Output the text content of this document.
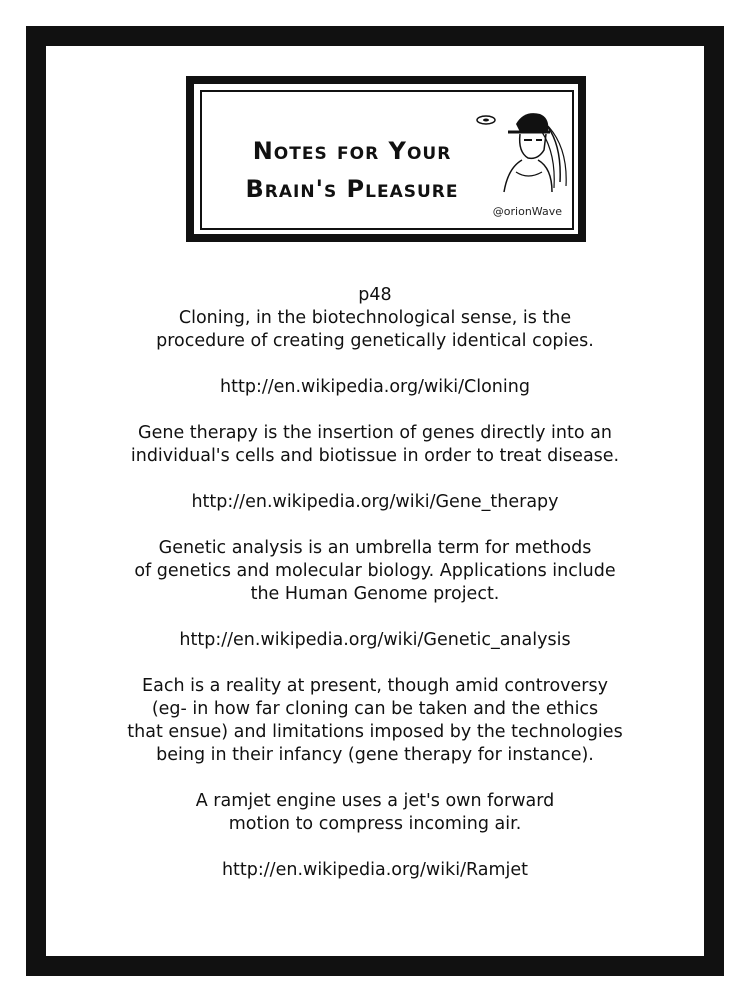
Notes for Your
Brain's Pleasure
@orionWave

p48

Cloning, in the biotechnological sense, is the
procedure of creating genetically identical copies.

http://en.wikipedia.org/wiki/Cloning

Gene therapy is the insertion of genes directly into an
individual's cells and biotissue in order to treat disease.

http://en.wikipedia.org/wiki/Gene_therapy

Genetic analysis is an umbrella term for methods
of genetics and molecular biology. Applications include
the Human Genome project.

http://en.wikipedia.org/wiki/Genetic_analysis

Each is a reality at present, though amid controversy
(eg- in how far cloning can be taken and the ethics
that ensue) and limitations imposed by the technologies
being in their infancy (gene therapy for instance).

A ramjet engine uses a jet's own forward
motion to compress incoming air.

http://en.wikipedia.org/wiki/Ramjet
